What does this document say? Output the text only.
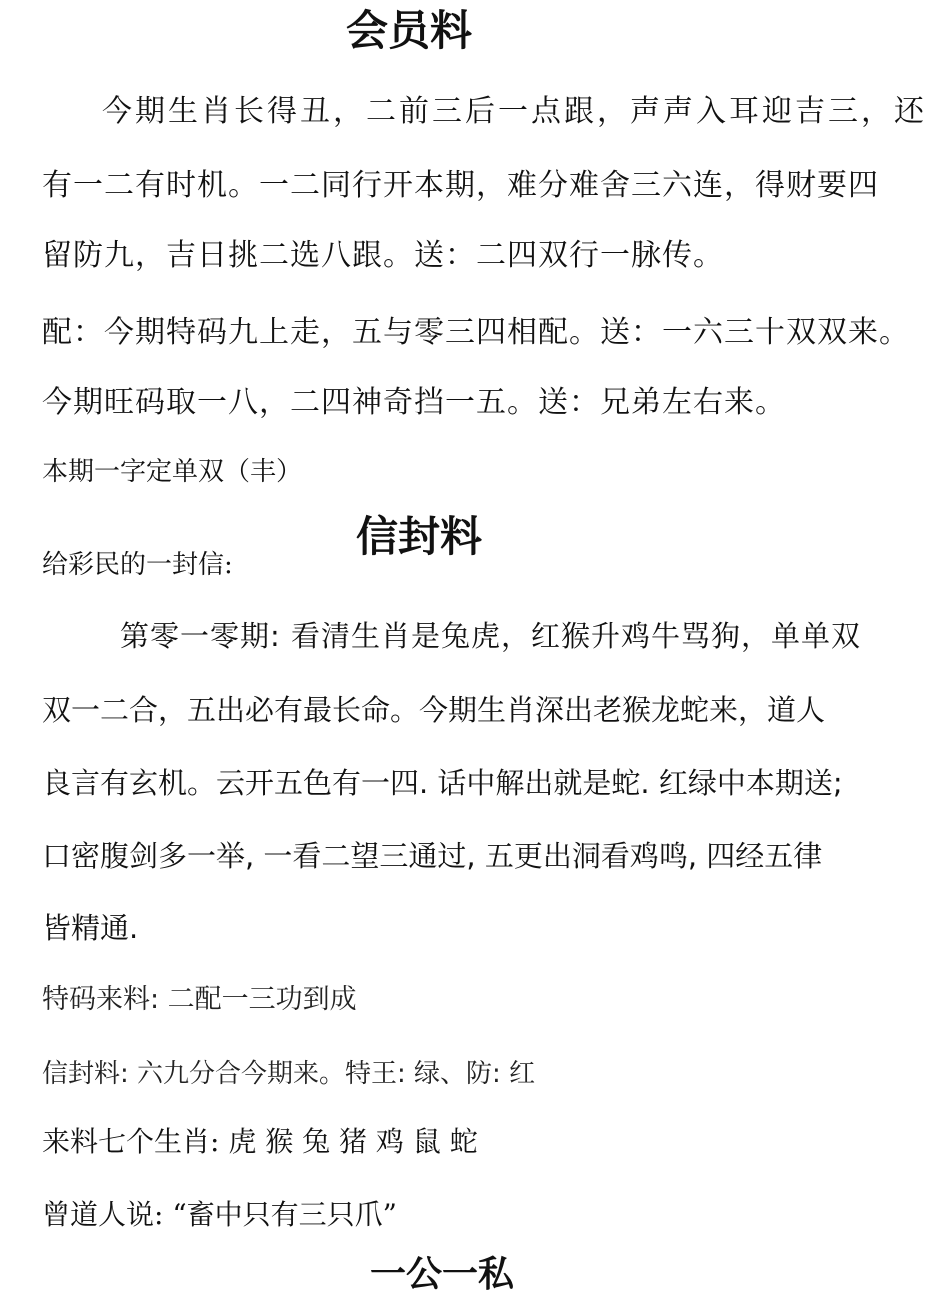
会员料
今期生肖长得丑，二前三后一点跟，声声入耳迎吉三，还
有一二有时机。一二同行开本期，难分难舍三六连，得财要四
留防九，吉日挑二选八跟。送：二四双行一脉传。
配：今期特码九上走，五与零三四相配。送：一六三十双双来。
今期旺码取一八，二四神奇挡一五。送：兄弟左右来。
本期一字定单双（丰）
信封料
给彩民的一封信:
第零一零期: 看清生肖是兔虎，红猴升鸡牛骂狗，单单双
双一二合，五出必有最长命。今期生肖深出老猴龙蛇来，道人
良言有玄机。云开五色有一四. 话中解出就是蛇. 红绿中本期送;
口密腹剑多一举, 一看二望三通过, 五更出洞看鸡鸣, 四经五律
皆精通.
特码来料: 二配一三功到成
信封料: 六九分合今期来。特王: 绿、防: 红
来料七个生肖: 虎 猴 兔 猪 鸡 鼠 蛇
曾道人说: “畜中只有三只爪”
一公一私
